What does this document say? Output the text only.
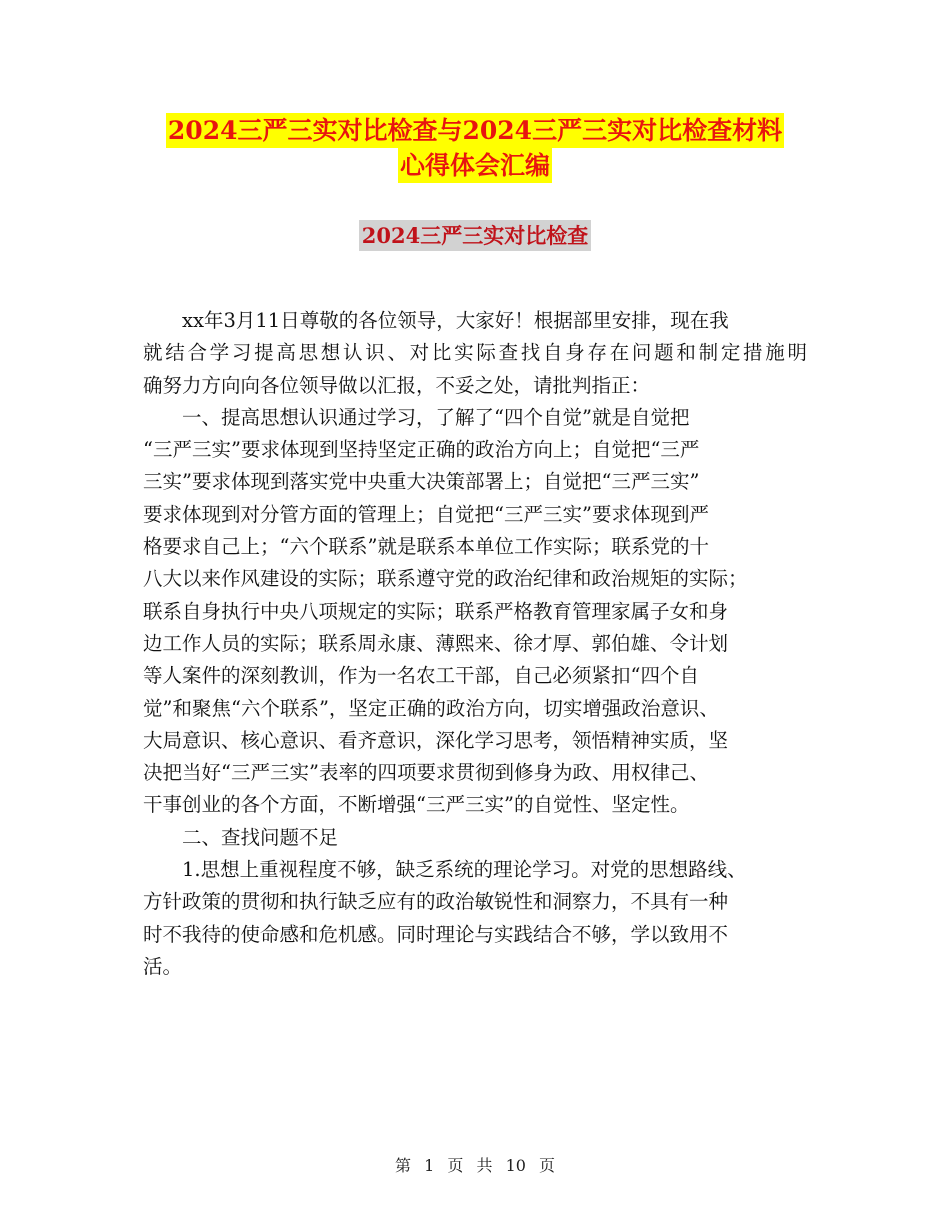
2024三严三实对比检查与2024三严三实对比检查材料
心得体会汇编
2024三严三实对比检查
xx年3月11日尊敬的各位领导，大家好！根据部里安排，现在我
就结合学习提高思想认识、对比实际查找自身存在问题和制定措施明
确努力方向向各位领导做以汇报，不妥之处，请批判指正：
一、提高思想认识通过学习，了解了“四个自觉”就是自觉把
“三严三实”要求体现到坚持坚定正确的政治方向上；自觉把“三严
三实”要求体现到落实党中央重大决策部署上；自觉把“三严三实”
要求体现到对分管方面的管理上；自觉把“三严三实”要求体现到严
格要求自己上；“六个联系”就是联系本单位工作实际；联系党的十
八大以来作风建设的实际；联系遵守党的政治纪律和政治规矩的实际；
联系自身执行中央八项规定的实际；联系严格教育管理家属子女和身
边工作人员的实际；联系周永康、薄熙来、徐才厚、郭伯雄、令计划
等人案件的深刻教训，作为一名农工干部，自己必须紧扣“四个自
觉”和聚焦“六个联系”，坚定正确的政治方向，切实增强政治意识、
大局意识、核心意识、看齐意识，深化学习思考，领悟精神实质，坚
决把当好“三严三实”表率的四项要求贯彻到修身为政、用权律己、
干事创业的各个方面，不断增强“三严三实”的自觉性、坚定性。
二、查找问题不足
1.思想上重视程度不够，缺乏系统的理论学习。对党的思想路线、
方针政策的贯彻和执行缺乏应有的政治敏锐性和洞察力，不具有一种
时不我待的使命感和危机感。同时理论与实践结合不够，学以致用不
活。
第 1 页 共 10 页
